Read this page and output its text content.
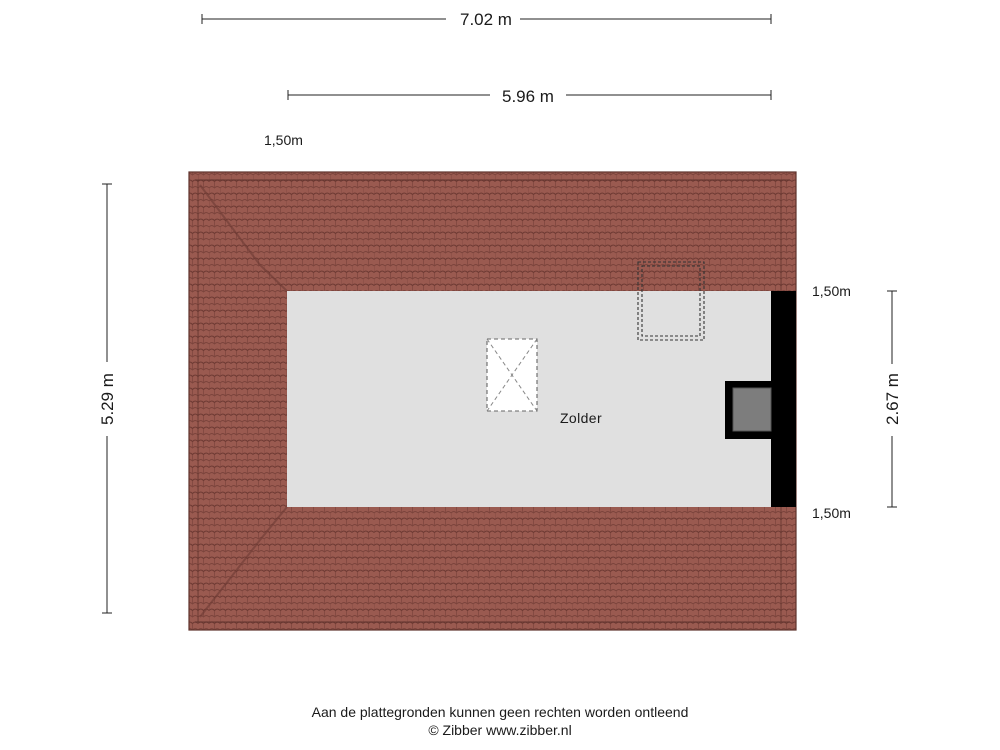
7.02 m
5.96 m
1,50m
5.29 m	Zolder
1,50m
1,50m
2.67 m
Aan de plattegronden kunnen geen rechten worden ontleend
© Zibber www.zibber.nl
